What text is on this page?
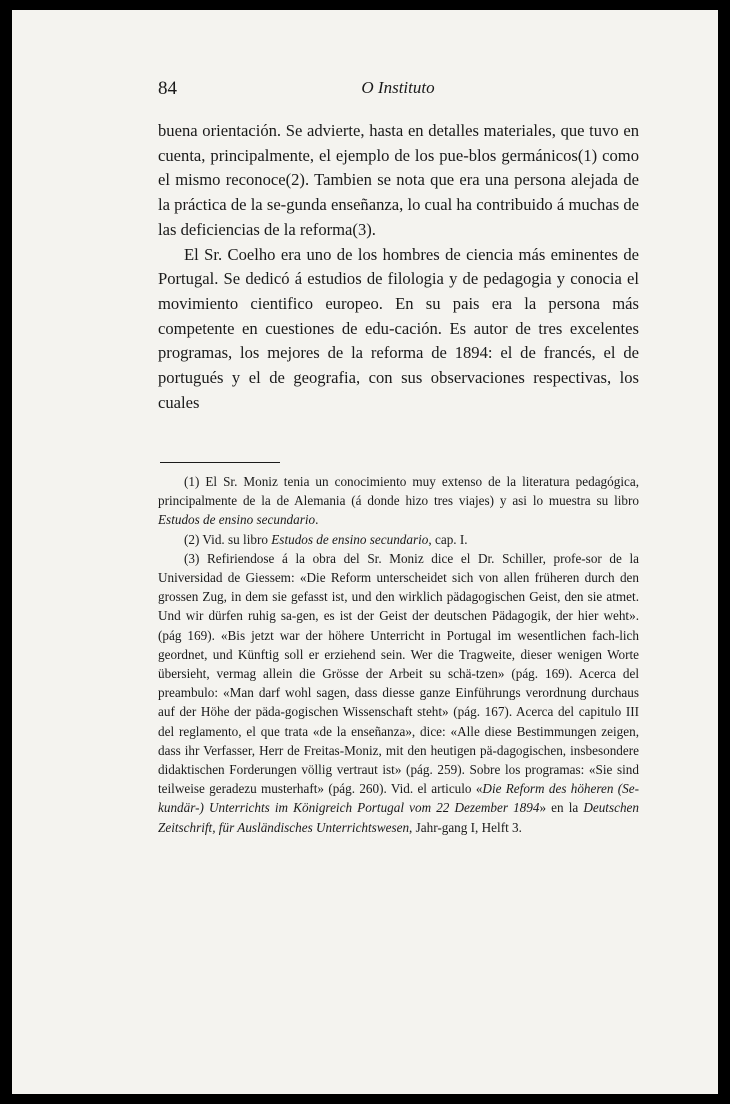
84	O Instituto

buena orientación. Se advierte, hasta en detalles materiales, que tuvo en cuenta, principalmente, el ejemplo de los pue-blos germánicos(1) como el mismo reconoce(2). Tambien se nota que era una persona alejada de la práctica de la se-gunda enseñanza, lo cual ha contribuido á muchas de las deficiencias de la reforma(3).

El Sr. Coelho era uno de los hombres de ciencia más eminentes de Portugal. Se dedicó á estudios de filologia y de pedagogia y conocia el movimiento cientifico europeo. En su pais era la persona más competente en cuestiones de edu-cación. Es autor de tres excelentes programas, los mejores de la reforma de 1894: el de francés, el de portugués y el de geografia, con sus observaciones respectivas, los cuales

(1) El Sr. Moniz tenia un conocimiento muy extenso de la literatura pedagógica, principalmente de la de Alemania (á donde hizo tres viajes) y asi lo muestra su libro Estudos de ensino secundario.

(2) Vid. su libro Estudos de ensino secundario, cap. I.

(3) Refiriendose á la obra del Sr. Moniz dice el Dr. Schiller, profe-sor de la Universidad de Giessem: «Die Reform unterscheidet sich von allen früheren durch den grossen Zug, in dem sie gefasst ist, und den wirklich pädagogischen Geist, den sie atmet. Und wir dürfen ruhig sa-gen, es ist der Geist der deutschen Pädagogik, der hier weht». (pág 169). «Bis jetzt war der höhere Unterricht in Portugal im wesentlichen fach-lich geordnet, und Künftig soll er erziehend sein. Wer die Tragweite, dieser wenigen Worte übersieht, vermag allein die Grösse der Arbeit su schä-tzen» (pág. 169). Acerca del preambulo: «Man darf wohl sagen, dass diesse ganze Einführungs verordnung durchaus auf der Höhe der päda-gogischen Wissenschaft steht» (pág. 167). Acerca del capitulo III del reglamento, el que trata «de la enseñanza», dice: «Alle diese Bestimmungen zeigen, dass ihr Verfasser, Herr de Freitas-Moniz, mit den heutigen pä-dagogischen, insbesondere didaktischen Forderungen völlig vertraut ist» (pág. 259). Sobre los programas: «Sie sind teilweise geradezu musterhaft» (pág. 260). Vid. el articulo «Die Reform des höheren (Se-kundär-) Unterrichts im Königreich Portugal vom 22 Dezember 1894» en la Deutschen Zeitschrift, für Ausländisches Unterrichtswesen, Jahr-gang I, Helft 3.
